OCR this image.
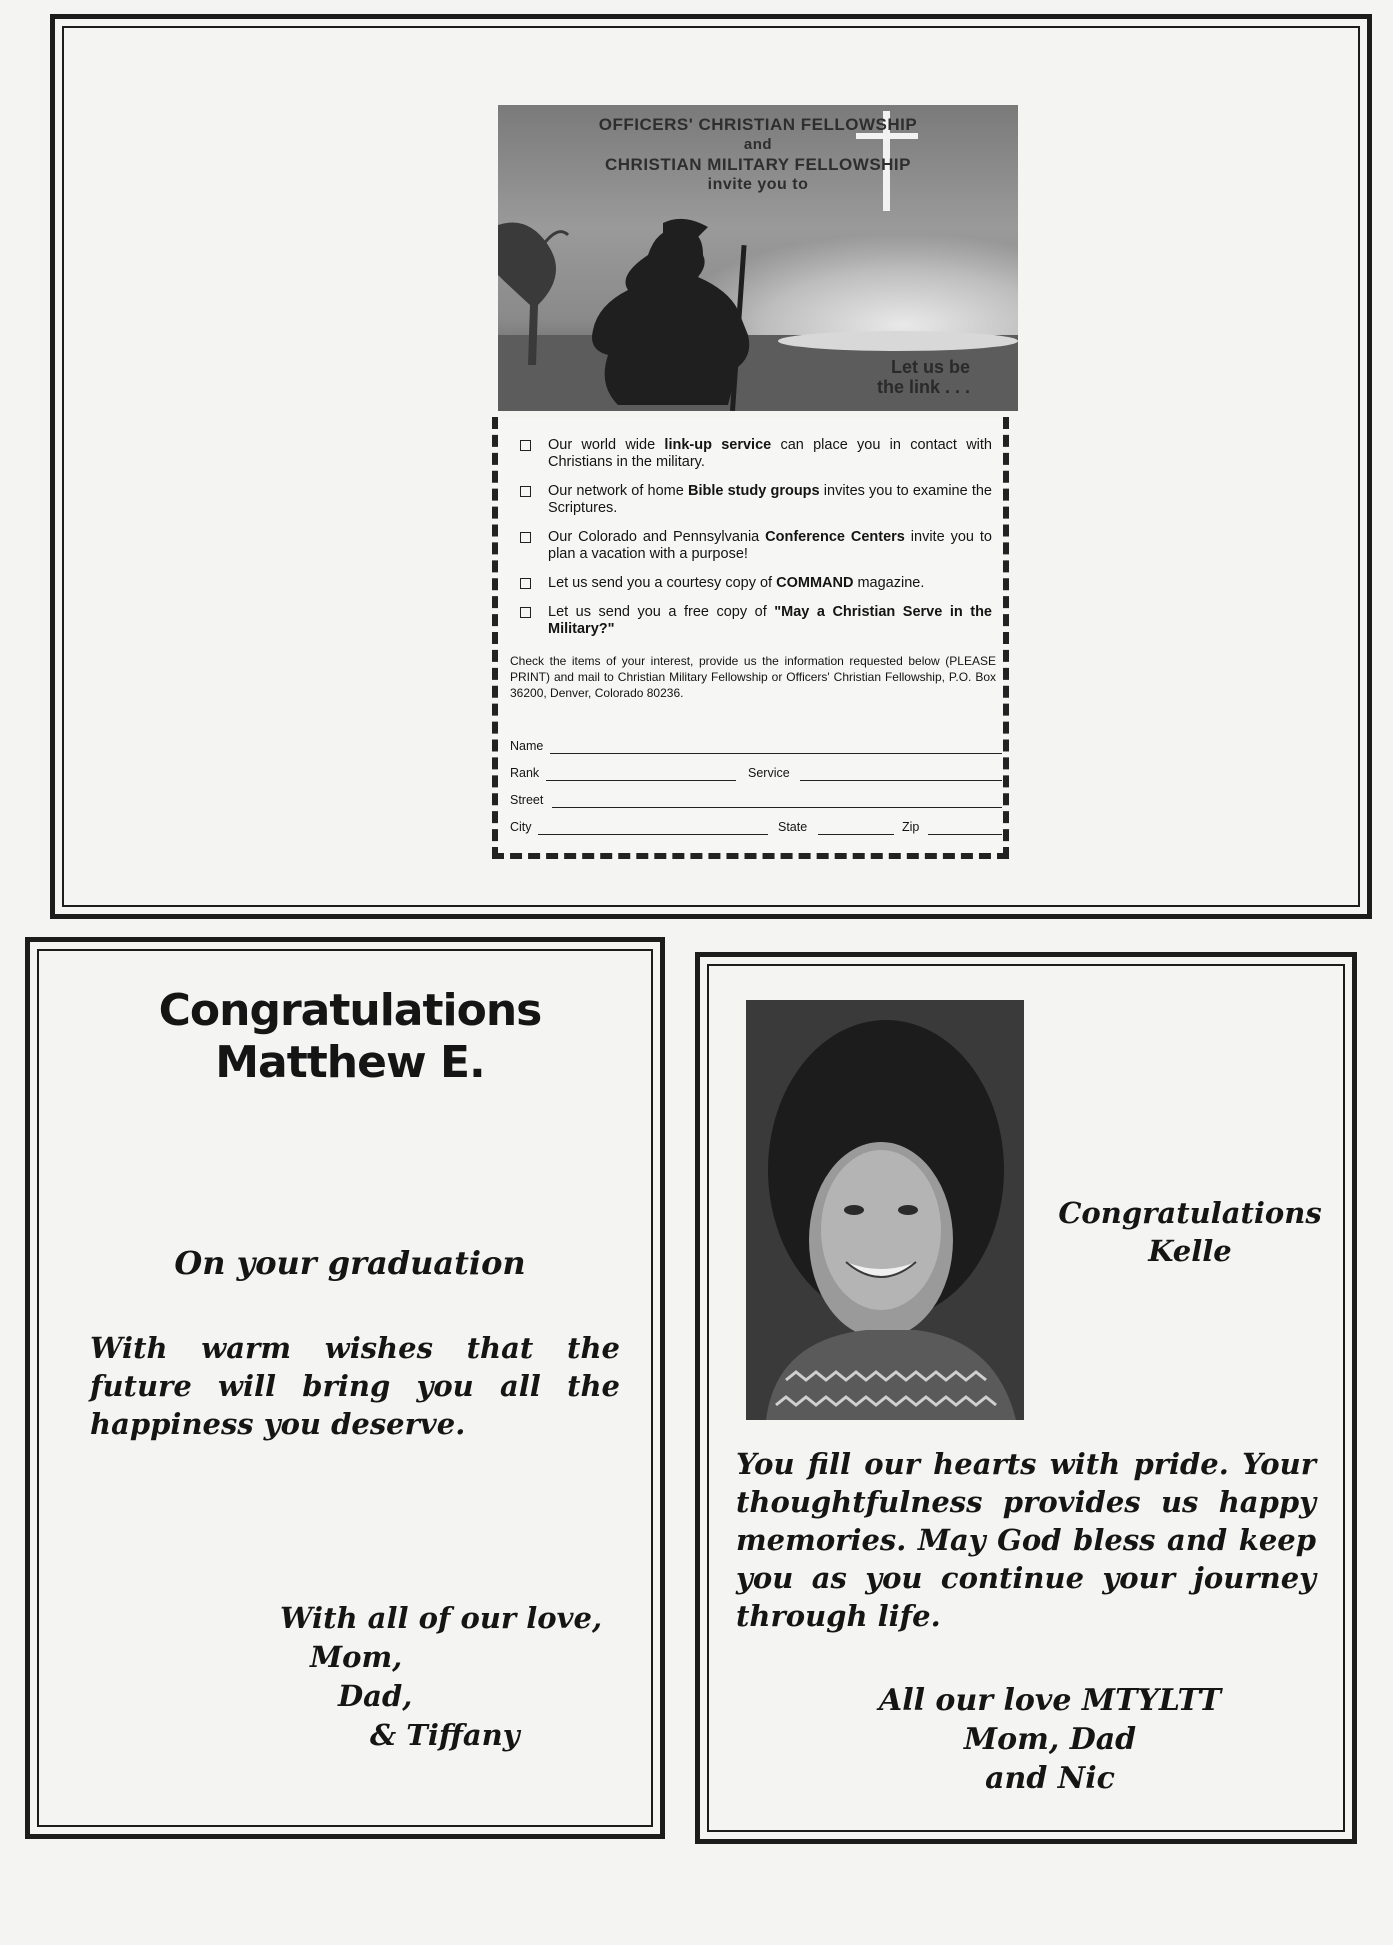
OFFICERS' CHRISTIAN FELLOWSHIP
and
CHRISTIAN MILITARY FELLOWSHIP
invite you to
Let us be the link . . .
Our world wide link-up service can place you in contact with Christians in the military.
Our network of home Bible study groups invites you to examine the Scriptures.
Our Colorado and Pennsylvania Conference Centers invite you to plan a vacation with a purpose!
Let us send you a courtesy copy of COMMAND magazine.
Let us send you a free copy of "May a Christian Serve in the Military?"
Check the items of your interest, provide us the information requested below (PLEASE PRINT) and mail to Christian Military Fellowship or Officers' Christian Fellowship, P.O. Box 36200, Denver, Colorado 80236.
Name
Rank	Service
Street
City	State	Zip
Congratulations
Matthew E.
On your graduation
With warm wishes that the future will bring you all the happiness you deserve.
With all of our love,
Mom,
Dad,
& Tiffany
Congratulations
Kelle
You fill our hearts with pride. Your thoughtfulness provides us happy memories. May God bless and keep you as you continue your journey through life.
All our love MTYLTT
Mom, Dad
and Nic
